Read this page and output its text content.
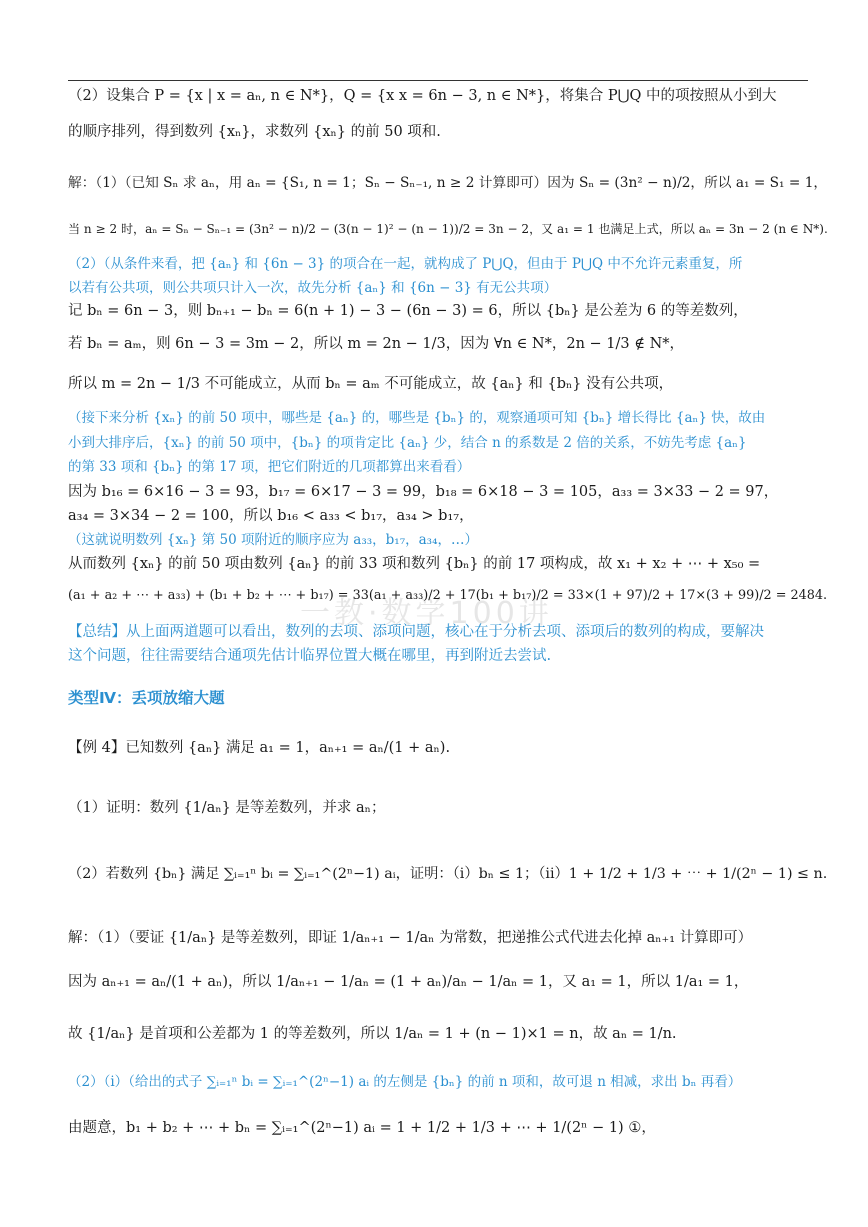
一教·数学100讲
（2）设集合 P = {x | x = aₙ, n ∈ N*}，Q = {x x = 6n − 3, n ∈ N*}，将集合 P⋃Q 中的项按照从小到大
的顺序排列，得到数列 {xₙ}，求数列 {xₙ} 的前 50 项和.
解：（1）（已知 Sₙ 求 aₙ，用 aₙ = {S₁, n = 1；Sₙ − Sₙ₋₁, n ≥ 2 计算即可）因为 Sₙ = (3n² − n)/2，所以 a₁ = S₁ = 1，
当 n ≥ 2 时，aₙ = Sₙ − Sₙ₋₁ = (3n² − n)/2 − (3(n − 1)² − (n − 1))/2 = 3n − 2，又 a₁ = 1 也满足上式，所以 aₙ = 3n − 2 (n ∈ N*).
（2）（从条件来看，把 {aₙ} 和 {6n − 3} 的项合在一起，就构成了 P⋃Q，但由于 P⋃Q 中不允许元素重复，所
以若有公共项，则公共项只计入一次，故先分析 {aₙ} 和 {6n − 3} 有无公共项）
记 bₙ = 6n − 3，则 bₙ₊₁ − bₙ = 6(n + 1) − 3 − (6n − 3) = 6，所以 {bₙ} 是公差为 6 的等差数列，
若 bₙ = aₘ，则 6n − 3 = 3m − 2，所以 m = 2n − 1/3，因为 ∀n ∈ N*，2n − 1/3 ∉ N*，
所以 m = 2n − 1/3 不可能成立，从而 bₙ = aₘ 不可能成立，故 {aₙ} 和 {bₙ} 没有公共项，
（接下来分析 {xₙ} 的前 50 项中，哪些是 {aₙ} 的，哪些是 {bₙ} 的，观察通项可知 {bₙ} 增长得比 {aₙ} 快，故由
小到大排序后，{xₙ} 的前 50 项中，{bₙ} 的项肯定比 {aₙ} 少，结合 n 的系数是 2 倍的关系，不妨先考虑 {aₙ}
的第 33 项和 {bₙ} 的第 17 项，把它们附近的几项都算出来看看）
因为 b₁₆ = 6×16 − 3 = 93，b₁₇ = 6×17 − 3 = 99，b₁₈ = 6×18 − 3 = 105，a₃₃ = 3×33 − 2 = 97，
a₃₄ = 3×34 − 2 = 100，所以 b₁₆ < a₃₃ < b₁₇，a₃₄ > b₁₇，
（这就说明数列 {xₙ} 第 50 项附近的顺序应为 a₃₃，b₁₇，a₃₄，…）
从而数列 {xₙ} 的前 50 项由数列 {aₙ} 的前 33 项和数列 {bₙ} 的前 17 项构成，故 x₁ + x₂ + ⋯ + x₅₀ =
(a₁ + a₂ + ⋯ + a₃₃) + (b₁ + b₂ + ⋯ + b₁₇) = 33(a₁ + a₃₃)/2 + 17(b₁ + b₁₇)/2 = 33×(1 + 97)/2 + 17×(3 + 99)/2 = 2484.
【总结】从上面两道题可以看出，数列的去项、添项问题，核心在于分析去项、添项后的数列的构成，要解决
这个问题，往往需要结合通项先估计临界位置大概在哪里，再到附近去尝试.
类型Ⅳ：丢项放缩大题
【例 4】已知数列 {aₙ} 满足 a₁ = 1，aₙ₊₁ = aₙ/(1 + aₙ).
（1）证明：数列 {1/aₙ} 是等差数列，并求 aₙ；
（2）若数列 {bₙ} 满足 ∑ᵢ₌₁ⁿ bᵢ = ∑ᵢ₌₁^(2ⁿ−1) aᵢ，证明：（i）bₙ ≤ 1；（ii）1 + 1/2 + 1/3 + ⋯ + 1/(2ⁿ − 1) ≤ n.
解：（1）（要证 {1/aₙ} 是等差数列，即证 1/aₙ₊₁ − 1/aₙ 为常数，把递推公式代进去化掉 aₙ₊₁ 计算即可）
因为 aₙ₊₁ = aₙ/(1 + aₙ)，所以 1/aₙ₊₁ − 1/aₙ = (1 + aₙ)/aₙ − 1/aₙ = 1，又 a₁ = 1，所以 1/a₁ = 1，
故 {1/aₙ} 是首项和公差都为 1 的等差数列，所以 1/aₙ = 1 + (n − 1)×1 = n，故 aₙ = 1/n.
（2）（i）（给出的式子 ∑ᵢ₌₁ⁿ bᵢ = ∑ᵢ₌₁^(2ⁿ−1) aᵢ 的左侧是 {bₙ} 的前 n 项和，故可退 n 相减，求出 bₙ 再看）
由题意，b₁ + b₂ + ⋯ + bₙ = ∑ᵢ₌₁^(2ⁿ−1) aᵢ = 1 + 1/2 + 1/3 + ⋯ + 1/(2ⁿ − 1) ①，
